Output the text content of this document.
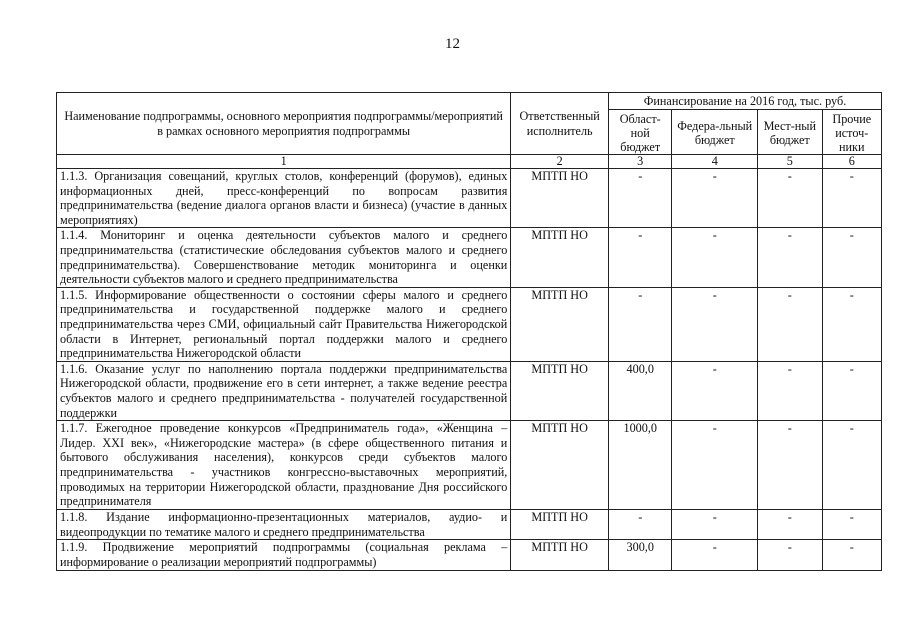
12
Наименование подпрограммы, основного мероприятия подпрограммы/мероприятий в рамках основного мероприятия подпрограммы	Ответственный исполнитель	Финансирование на 2016 год, тыс. руб.			
		Област-ной бюджет	Федера-льный бюджет	Мест-ный бюджет	Прочие источ-ники
1	2	3	4	5	6
1.1.3. Организация совещаний, круглых столов, конференций (форумов), единых информационных дней, пресс-конференций по вопросам развития предпринимательства (ведение диалога органов власти и бизнеса) (участие в данных мероприятиях)	МПТП НО	-	-	-	-
1.1.4. Мониторинг и оценка деятельности субъектов малого и среднего предпринимательства (статистические обследования субъектов малого и среднего предпринимательства). Совершенствование методик мониторинга и оценки деятельности субъектов малого и среднего предпринимательства	МПТП НО	-	-	-	-
1.1.5. Информирование общественности о состоянии сферы малого и среднего предпринимательства и государственной поддержке малого и среднего предпринимательства через СМИ, официальный сайт Правительства Нижегородской области в Интернет, региональный портал поддержки малого и среднего предпринимательства Нижегородской области	МПТП НО	-	-	-	-
1.1.6. Оказание услуг по наполнению портала поддержки предпринимательства Нижегородской области, продвижение его в сети интернет, а также ведение реестра субъектов малого и среднего предпринимательства - получателей государственной поддержки	МПТП НО	400,0	-	-	-
1.1.7. Ежегодное проведение конкурсов «Предприниматель года», «Женщина – Лидер. XXI век», «Нижегородские мастера» (в сфере общественного питания и бытового обслуживания населения), конкурсов среди субъектов малого предпринимательства - участников конгрессно-выставочных мероприятий, проводимых на территории Нижегородской области, празднование Дня российского предпринимателя	МПТП НО	1000,0	-	-	-
1.1.8. Издание информационно-презентационных материалов, аудио- и видеопродукции по тематике малого и среднего предпринимательства	МПТП НО	-	-	-	-
1.1.9. Продвижение мероприятий подпрограммы (социальная реклама – информирование о реализации мероприятий подпрограммы)	МПТП НО	300,0	-	-	-
